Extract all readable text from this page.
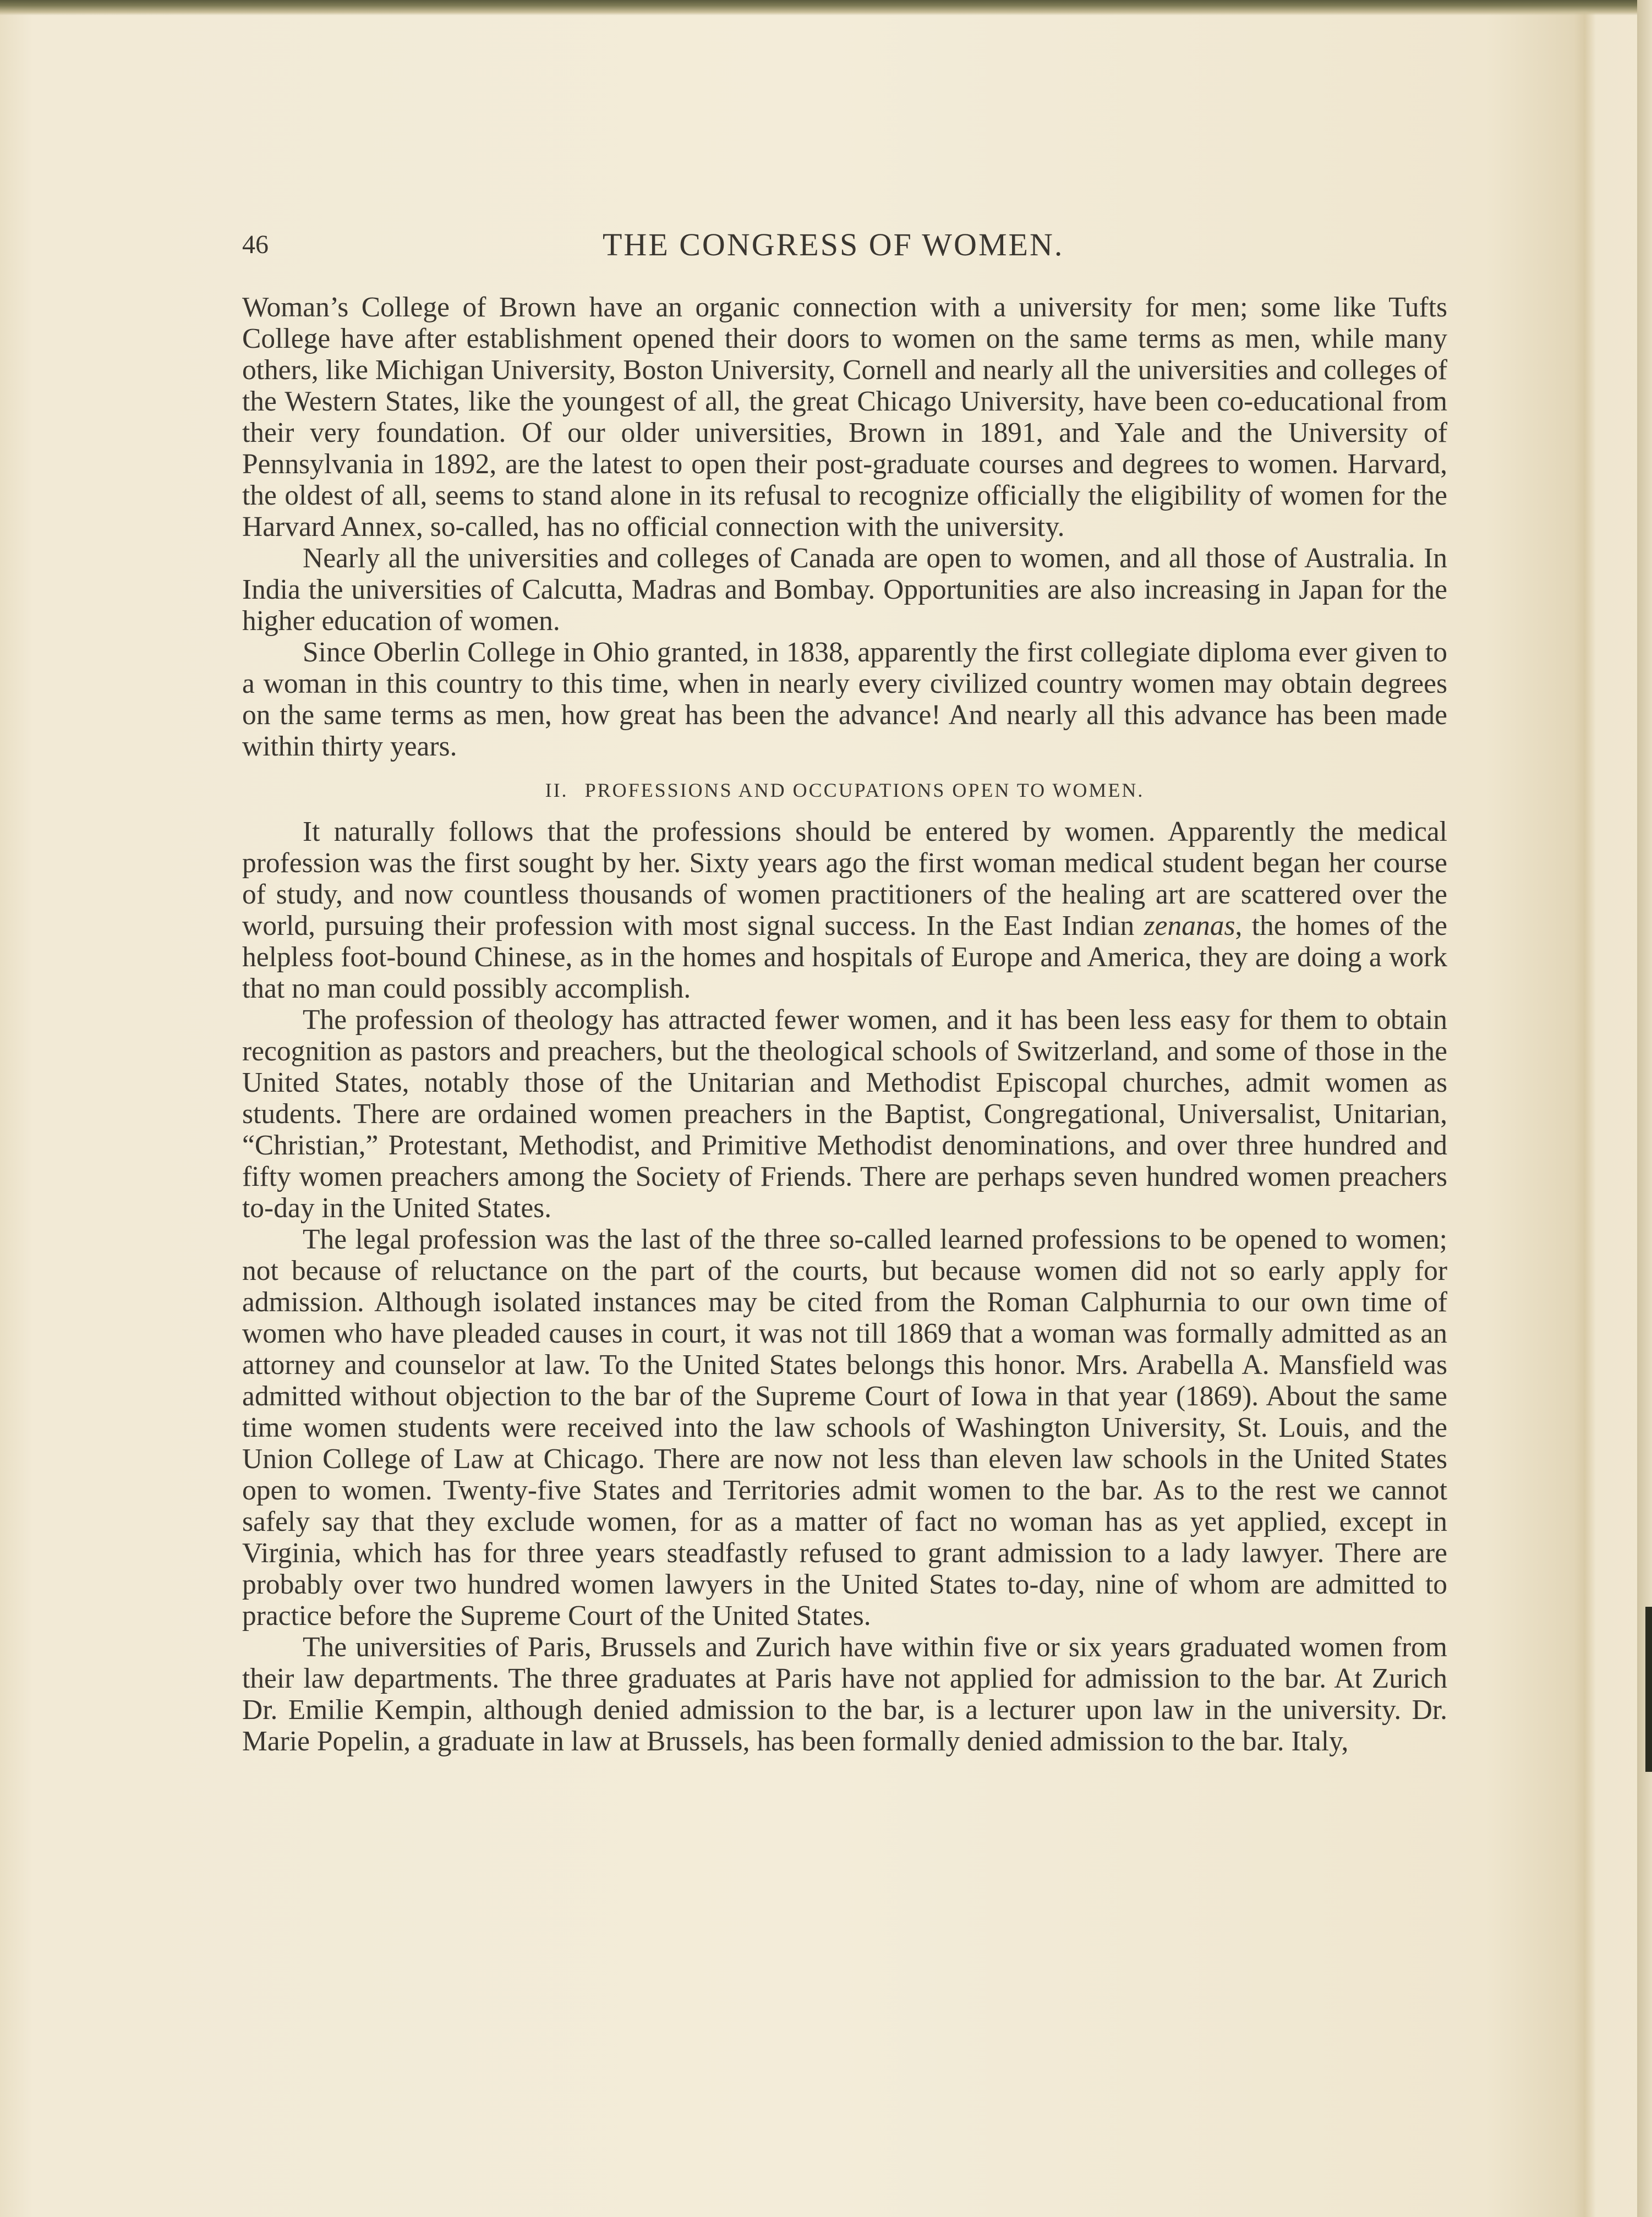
46	THE CONGRESS OF WOMEN.

Woman’s College of Brown have an organic connection with a university for men; some like Tufts College have after establishment opened their doors to women on the same terms as men, while many others, like Michigan University, Boston University, Cornell and nearly all the universities and colleges of the Western States, like the youngest of all, the great Chicago University, have been co-educational from their very foundation. Of our older universities, Brown in 1891, and Yale and the University of Pennsylvania in 1892, are the latest to open their post-graduate courses and degrees to women. Harvard, the oldest of all, seems to stand alone in its refusal to recognize officially the eligibility of women for the Harvard Annex, so-called, has no official connection with the university.

Nearly all the universities and colleges of Canada are open to women, and all those of Australia. In India the universities of Calcutta, Madras and Bombay. Opportunities are also increasing in Japan for the higher education of women.

Since Oberlin College in Ohio granted, in 1838, apparently the first collegiate diploma ever given to a woman in this country to this time, when in nearly every civilized country women may obtain degrees on the same terms as men, how great has been the advance! And nearly all this advance has been made within thirty years.

II. PROFESSIONS AND OCCUPATIONS OPEN TO WOMEN.

It naturally follows that the professions should be entered by women. Apparently the medical profession was the first sought by her. Sixty years ago the first woman medical student began her course of study, and now countless thousands of women practitioners of the healing art are scattered over the world, pursuing their profession with most signal success. In the East Indian zenanas, the homes of the helpless foot-bound Chinese, as in the homes and hospitals of Europe and America, they are doing a work that no man could possibly accomplish.

The profession of theology has attracted fewer women, and it has been less easy for them to obtain recognition as pastors and preachers, but the theological schools of Switzerland, and some of those in the United States, notably those of the Unitarian and Methodist Episcopal churches, admit women as students. There are ordained women preachers in the Baptist, Congregational, Universalist, Unitarian, “Christian,” Protestant, Methodist, and Primitive Methodist denominations, and over three hundred and fifty women preachers among the Society of Friends. There are perhaps seven hundred women preachers to-day in the United States.

The legal profession was the last of the three so-called learned professions to be opened to women; not because of reluctance on the part of the courts, but because women did not so early apply for admission. Although isolated instances may be cited from the Roman Calphurnia to our own time of women who have pleaded causes in court, it was not till 1869 that a woman was formally admitted as an attorney and counselor at law. To the United States belongs this honor. Mrs. Arabella A. Mansfield was admitted without objection to the bar of the Supreme Court of Iowa in that year (1869). About the same time women students were received into the law schools of Washington University, St. Louis, and the Union College of Law at Chicago. There are now not less than eleven law schools in the United States open to women. Twenty-five States and Territories admit women to the bar. As to the rest we cannot safely say that they exclude women, for as a matter of fact no woman has as yet applied, except in Virginia, which has for three years steadfastly refused to grant admission to a lady lawyer. There are probably over two hundred women lawyers in the United States to-day, nine of whom are admitted to practice before the Supreme Court of the United States.

The universities of Paris, Brussels and Zurich have within five or six years graduated women from their law departments. The three graduates at Paris have not applied for admission to the bar. At Zurich Dr. Emilie Kempin, although denied admission to the bar, is a lecturer upon law in the university. Dr. Marie Popelin, a graduate in law at Brussels, has been formally denied admission to the bar. Italy,
